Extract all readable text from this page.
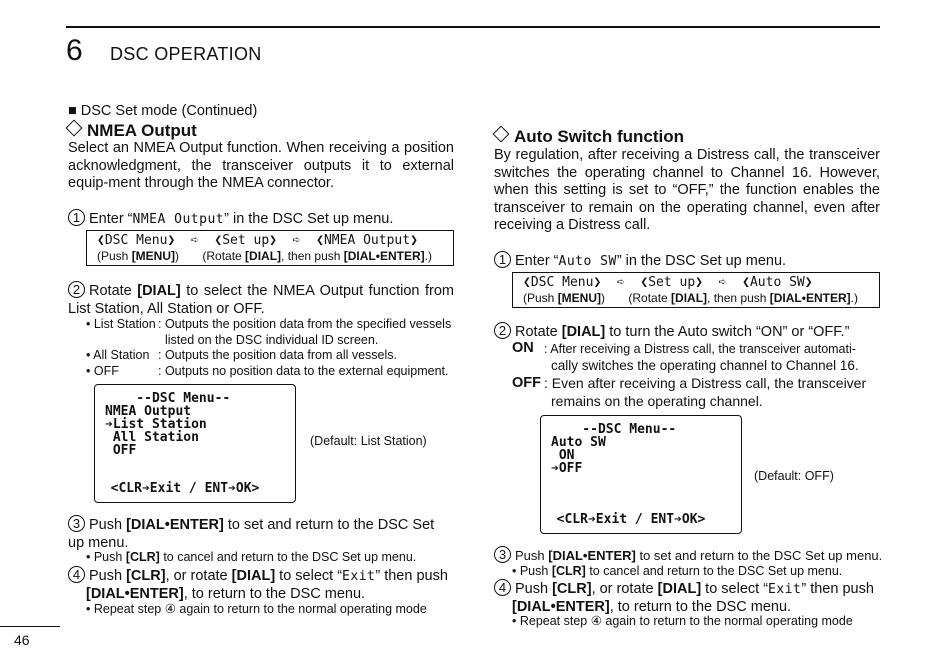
6 DSC OPERATION
■ DSC Set mode (Continued)
NMEA Output
Select an NMEA Output function. When receiving a position acknowledgment, the transceiver outputs it to external equip-ment through the NMEA connector.
1 Enter “NMEA Output” in the DSC Set up menu.
❮DSC Menu❯  ➪  ❮Set up❯  ➪  ❮NMEA Output❯
(Push [MENU]) (Rotate [DIAL], then push [DIAL•ENTER].)
2 Rotate [DIAL] to select the NMEA Output function from List Station, All Station or OFF.
• List Station : Outputs the position data from the specified vessels
listed on the DSC individual ID screen.
• All Station : Outputs the position data from all vessels.
• OFF	: Outputs no position data to the external equipment.
--DSC Menu--
NMEA Output
➔List Station
All Station
OFF
<CLR➔Exit / ENT➔OK>
(Default: List Station)
3 Push [DIAL•ENTER] to set and return to the DSC Set up menu.
• Push [CLR] to cancel and return to the DSC Set up menu.
4 Push [CLR], or rotate [DIAL] to select “Exit” then push
[DIAL•ENTER], to return to the DSC menu.
• Repeat step ④ again to return to the normal operating mode
Auto Switch function
By regulation, after receiving a Distress call, the transceiver switches the operating channel to Channel 16. However, when this setting is set to “OFF,” the function enables the transceiver to remain on the operating channel, even after receiving a Distress call.
1 Enter “Auto SW” in the DSC Set up menu.
❮DSC Menu❯  ➪  ❮Set up❯  ➪  ❮Auto SW❯
(Push [MENU]) (Rotate [DIAL], then push [DIAL•ENTER].)
2 Rotate [DIAL] to turn the Auto switch “ON” or “OFF.”
ON : After receiving a Distress call, the transceiver automati-
cally switches the operating channel to Channel 16.
OFF : Even after receiving a Distress call, the transceiver
remains on the operating channel.
--DSC Menu--
Auto SW
ON
➔OFF
<CLR➔Exit / ENT➔OK>
(Default: OFF)
3 Push [DIAL•ENTER] to set and return to the DSC Set up menu.
• Push [CLR] to cancel and return to the DSC Set up menu.
4 Push [CLR], or rotate [DIAL] to select “Exit” then push
[DIAL•ENTER], to return to the DSC menu.
• Repeat step ④ again to return to the normal operating mode
46
